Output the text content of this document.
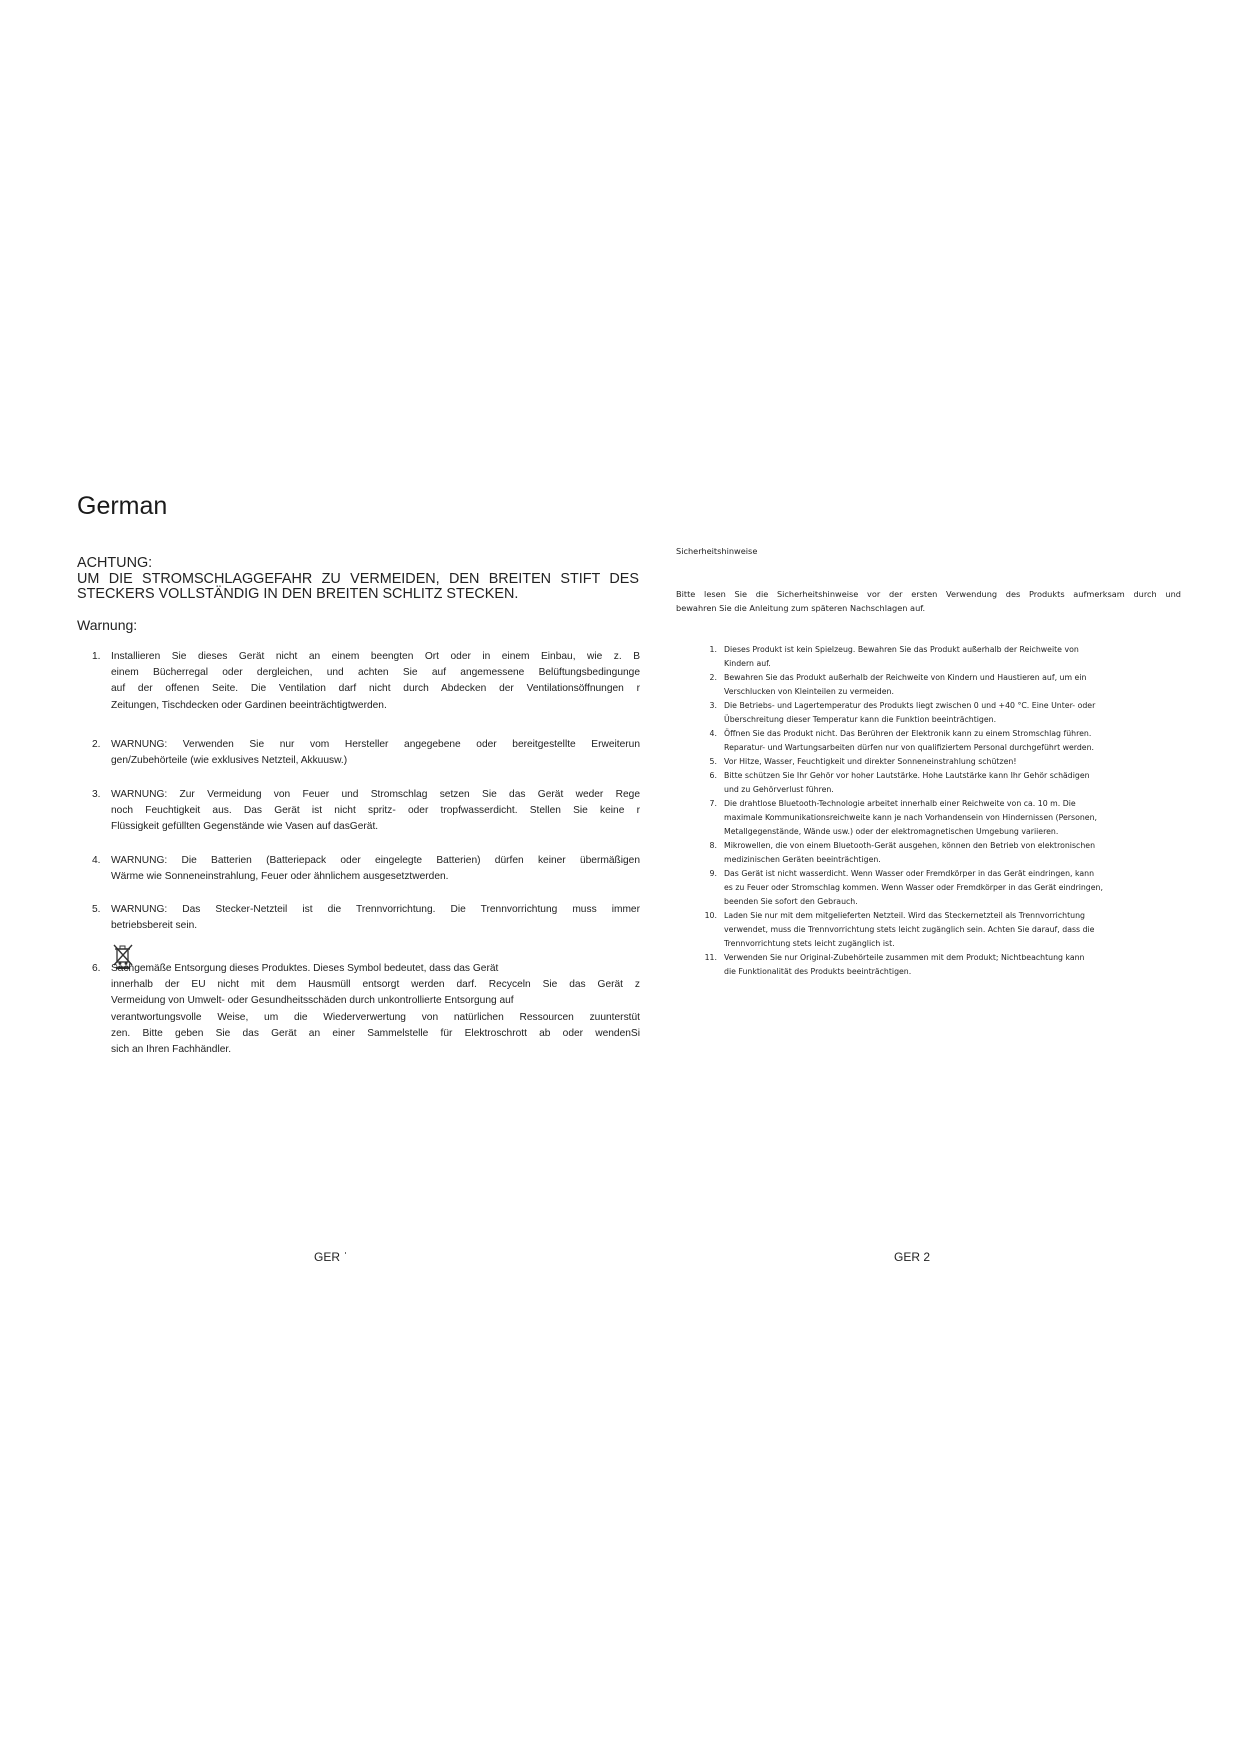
German
ACHTUNG:
UM DIE STROMSCHLAGGEFAHR ZU VERMEIDEN, DEN BREITEN STIFT DES
STECKERS VOLLSTÄNDIG IN DEN BREITEN SCHLITZ STECKEN.
Warnung:
1. Installieren Sie dieses Gerät nicht an einem beengten Ort oder in einem Einbau, wie z. B
einem Bücherregal oder dergleichen, und achten Sie auf angemessene Belüftungsbedingunge
auf der offenen Seite. Die Ventilation darf nicht durch Abdecken der Ventilationsöffnungen r
Zeitungen, Tischdecken oder Gardinen beeinträchtigtwerden.
2. WARNUNG: Verwenden Sie nur vom Hersteller angegebene oder bereitgestellte Erweiterun
gen/Zubehörteile (wie exklusives Netzteil, Akkuusw.)
3. WARNUNG: Zur Vermeidung von Feuer und Stromschlag setzen Sie das Gerät weder Rege
noch Feuchtigkeit aus. Das Gerät ist nicht spritz- oder tropfwasserdicht. Stellen Sie keine r
Flüssigkeit gefüllten Gegenstände wie Vasen auf dasGerät.
4. WARNUNG: Die Batterien (Batteriepack oder eingelegte Batterien) dürfen keiner übermäßigen
Wärme wie Sonneneinstrahlung, Feuer oder ähnlichem ausgesetztwerden.
5. WARNUNG: Das Stecker-Netzteil ist die Trennvorrichtung. Die Trennvorrichtung muss immer
betriebsbereit sein.
6. Sachgemäße Entsorgung dieses Produktes. Dieses Symbol bedeutet, dass das Gerät
innerhalb der EU nicht mit dem Hausmüll entsorgt werden darf. Recyceln Sie das Gerät z
Vermeidung von Umwelt- oder Gesundheitsschäden durch unkontrollierte Entsorgung auf
verantwortungsvolle Weise, um die Wiederverwertung von natürlichen Ressourcen zuunterstüt
zen. Bitte geben Sie das Gerät an einer Sammelstelle für Elektroschrott ab oder wendenSi
sich an Ihren Fachhändler.
GER ˈ
Sicherheitshinweise
Bitte lesen Sie die Sicherheitshinweise vor der ersten Verwendung des Produkts aufmerksam durch und
bewahren Sie die Anleitung zum späteren Nachschlagen auf.
1. Dieses Produkt ist kein Spielzeug. Bewahren Sie das Produkt außerhalb der Reichweite von
Kindern auf.
2. Bewahren Sie das Produkt außerhalb der Reichweite von Kindern und Haustieren auf, um ein
Verschlucken von Kleinteilen zu vermeiden.
3. Die Betriebs- und Lagertemperatur des Produkts liegt zwischen 0 und +40 °C. Eine Unter- oder
Überschreitung dieser Temperatur kann die Funktion beeinträchtigen.
4. Öffnen Sie das Produkt nicht. Das Berühren der Elektronik kann zu einem Stromschlag führen.
Reparatur- und Wartungsarbeiten dürfen nur von qualifiziertem Personal durchgeführt werden.
5. Vor Hitze, Wasser, Feuchtigkeit und direkter Sonneneinstrahlung schützen!
6. Bitte schützen Sie Ihr Gehör vor hoher Lautstärke. Hohe Lautstärke kann Ihr Gehör schädigen
und zu Gehörverlust führen.
7. Die drahtlose Bluetooth-Technologie arbeitet innerhalb einer Reichweite von ca. 10 m. Die
maximale Kommunikationsreichweite kann je nach Vorhandensein von Hindernissen (Personen,
Metallgegenstände, Wände usw.) oder der elektromagnetischen Umgebung variieren.
8. Mikrowellen, die von einem Bluetooth-Gerät ausgehen, können den Betrieb von elektronischen
medizinischen Geräten beeinträchtigen.
9. Das Gerät ist nicht wasserdicht. Wenn Wasser oder Fremdkörper in das Gerät eindringen, kann
es zu Feuer oder Stromschlag kommen. Wenn Wasser oder Fremdkörper in das Gerät eindringen,
beenden Sie sofort den Gebrauch.
10. Laden Sie nur mit dem mitgelieferten Netzteil. Wird das Steckernetzteil als Trennvorrichtung
verwendet, muss die Trennvorrichtung stets leicht zugänglich sein. Achten Sie darauf, dass die
Trennvorrichtung stets leicht zugänglich ist.
11. Verwenden Sie nur Original-Zubehörteile zusammen mit dem Produkt; Nichtbeachtung kann
die Funktionalität des Produkts beeinträchtigen.
GER 2
